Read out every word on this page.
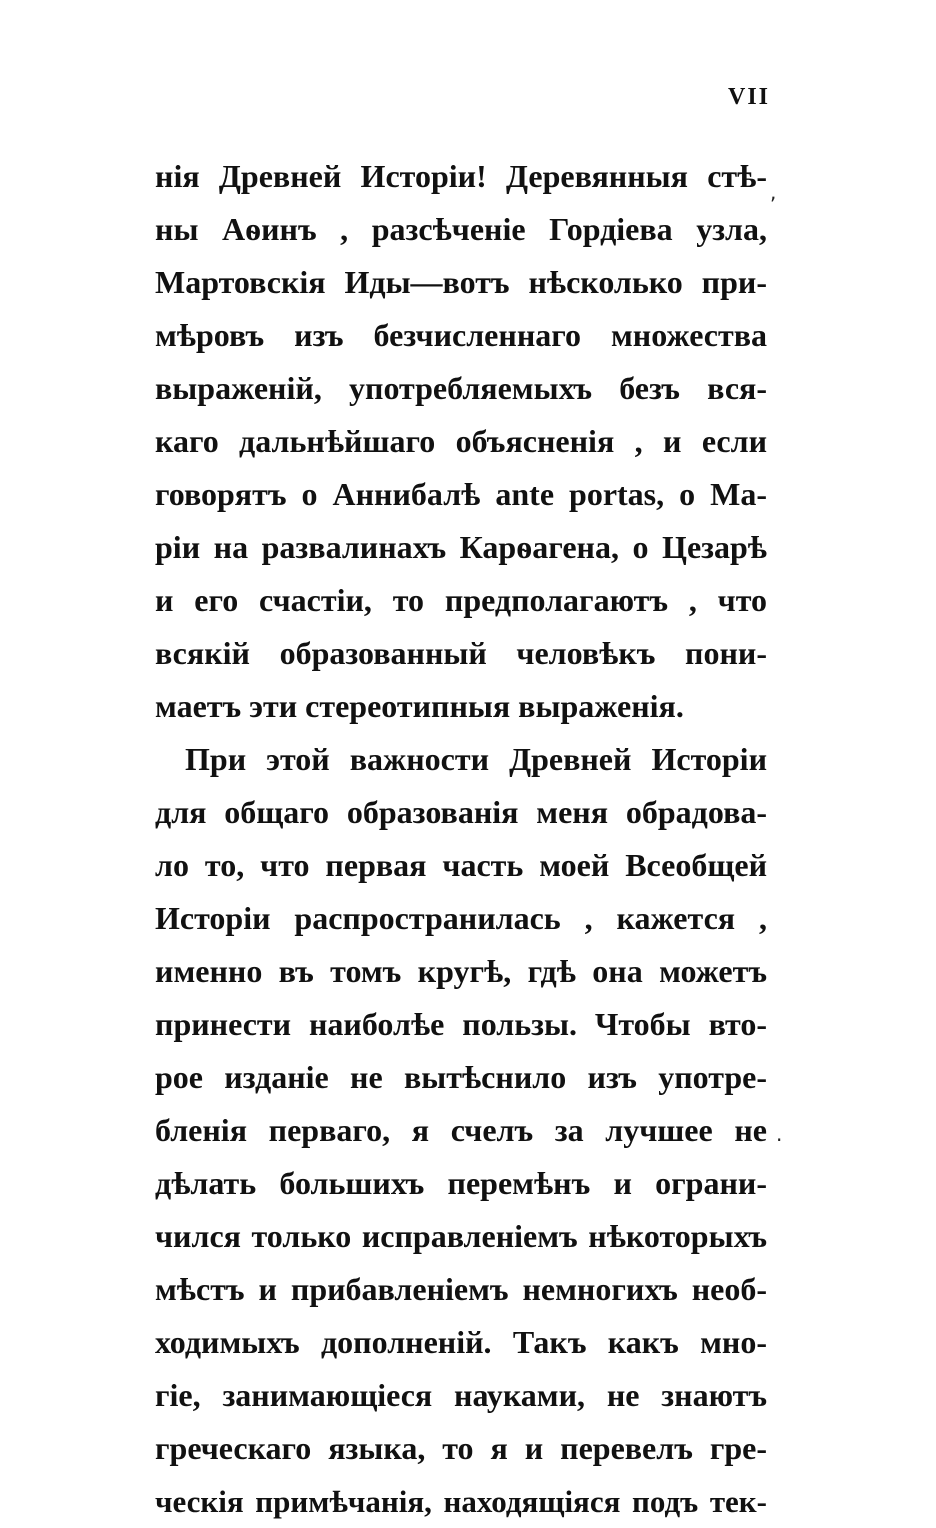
VII
,
·
нія Древней Исторіи! Деревянныя стѣ-
ны Аѳинъ , разсѣченіе Гордіева узла,
Мартовскія Иды—вотъ нѣсколько при-
мѣровъ изъ безчисленнаго множества
выраженій, употребляемыхъ безъ вся-
каго дальнѣйшаго объясненія , и если
говорятъ о Аннибалѣ ante portas, о Ма-
ріи на развалинахъ Карѳагена, о Цезарѣ
и его счастіи, то предполагаютъ , что
всякій образованный человѣкъ пони-
маетъ эти стереотипныя выраженія.
При этой важности Древней Исторіи
для общаго образованія меня обрадова-
ло то, что первая часть моей Всеобщей
Исторіи распространилась , кажется ,
именно въ томъ кругѣ, гдѣ она можетъ
принести наиболѣе пользы. Чтобы вто-
рое изданіе не вытѣснило изъ употре-
бленія перваго, я счелъ за лучшее не
дѣлать большихъ перемѣнъ и ограни-
чился только исправленіемъ нѣкоторыхъ
мѣстъ и прибавленіемъ немногихъ необ-
ходимыхъ дополненій. Такъ какъ мно-
гіе, занимающіеся науками, не знаютъ
греческаго языка, то я и перевелъ гре-
ческія примѣчанія, находящіяся подъ тек-
